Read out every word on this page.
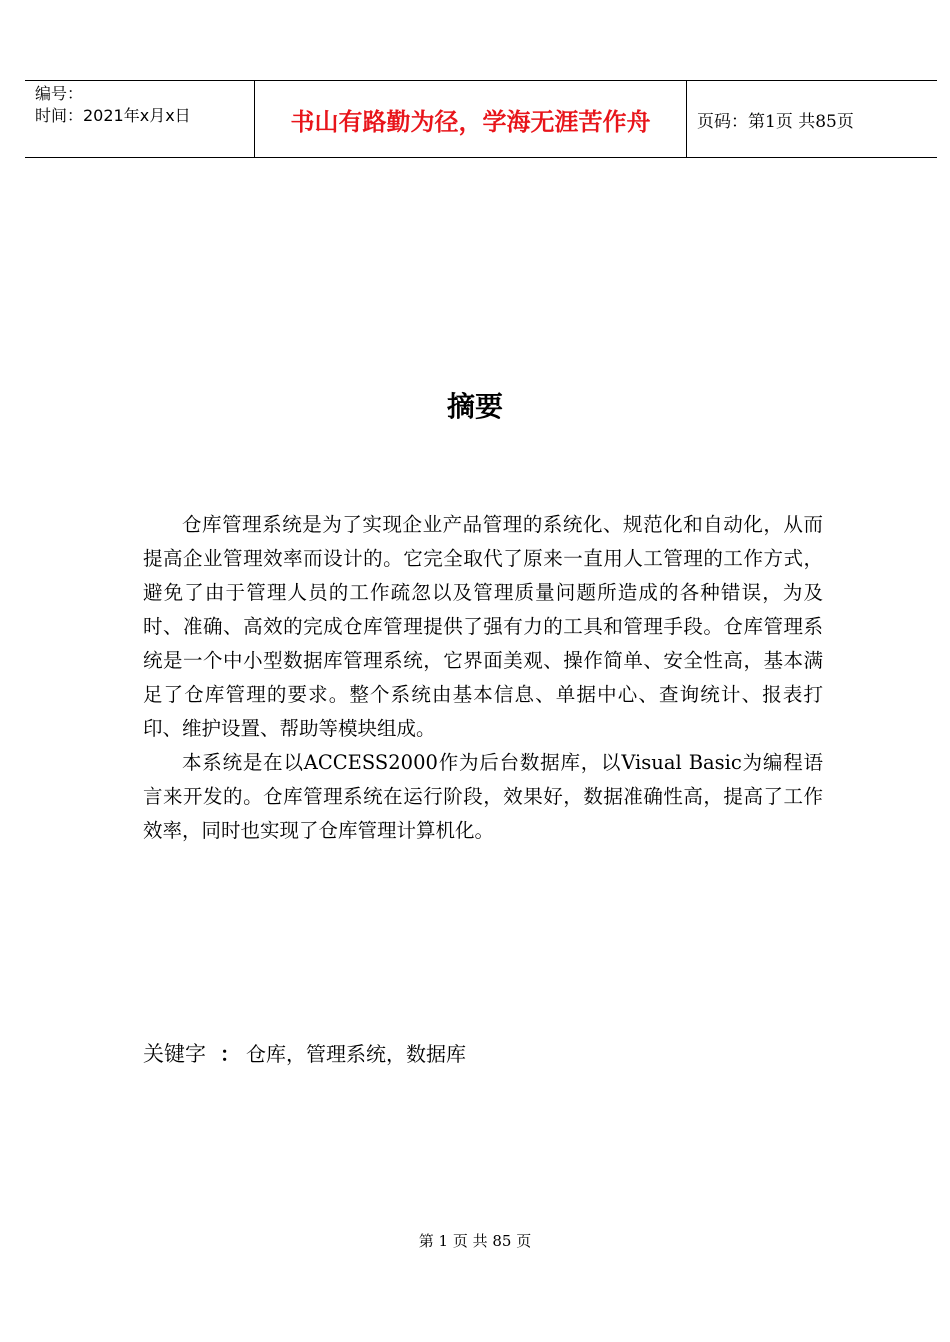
编号：
时间：2021年x月x日	书山有路勤为径，学海无涯苦作舟	页码：第1页 共85页
摘要

仓库管理系统是为了实现企业产品管理的系统化、规范化和自动化，从而提高企业管理效率而设计的。它完全取代了原来一直用人工管理的工作方式，避免了由于管理人员的工作疏忽以及管理质量问题所造成的各种错误，为及时、准确、高效的完成仓库管理提供了强有力的工具和管理手段。仓库管理系统是一个中小型数据库管理系统，它界面美观、操作简单、安全性高，基本满足了仓库管理的要求。整个系统由基本信息、单据中心、查询统计、报表打印、维护设置、帮助等模块组成。

本系统是在以ACCESS2000作为后台数据库，以Visual Basic为编程语言来开发的。仓库管理系统在运行阶段，效果好，数据准确性高，提高了工作效率，同时也实现了仓库管理计算机化。

关键字 ： 仓库，管理系统，数据库
第 1 页 共 85 页
